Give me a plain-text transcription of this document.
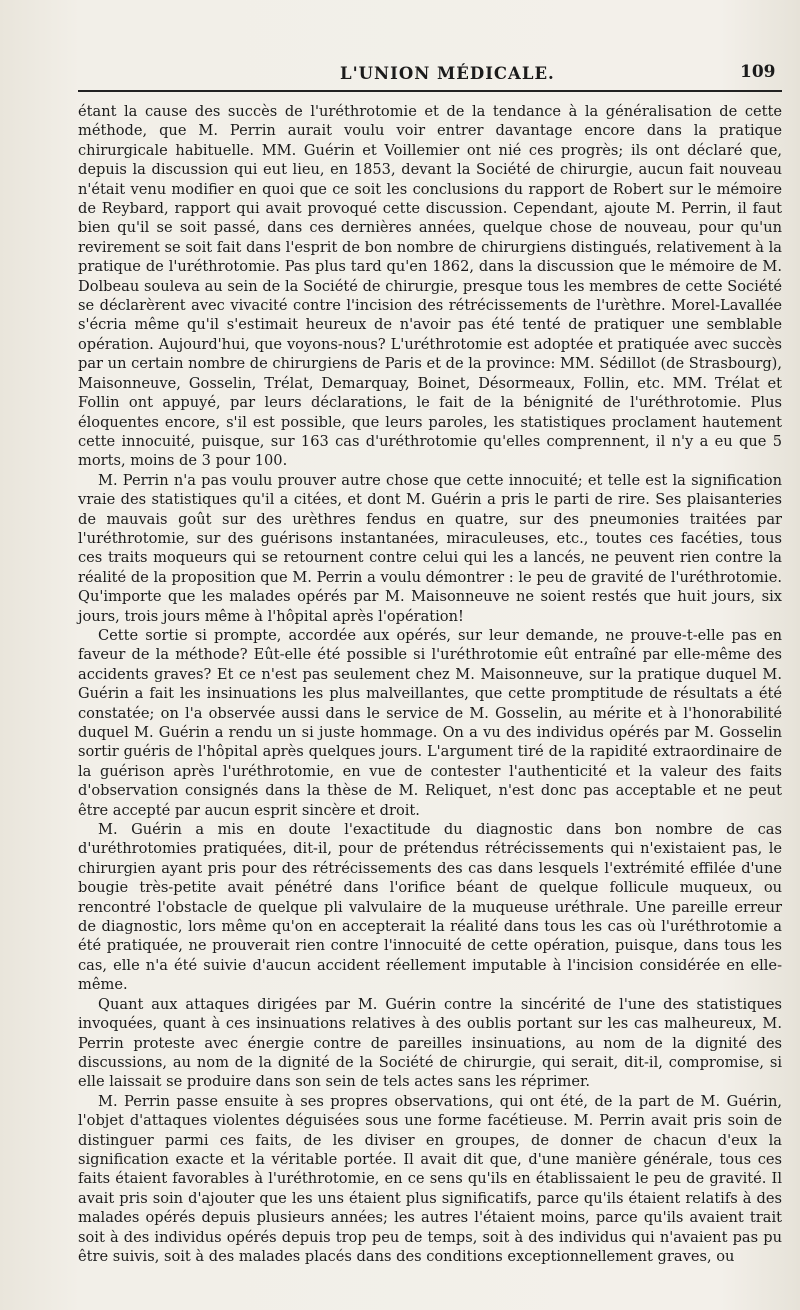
L'UNION MÉDICALE.	109

étant la cause des succès de l'uréthrotomie et de la tendance à la généralisation de cette méthode, que M. Perrin aurait voulu voir entrer davantage encore dans la pratique chirurgicale habituelle. MM. Guérin et Voillemier ont nié ces progrès; ils ont déclaré que, depuis la discussion qui eut lieu, en 1853, devant la Société de chirurgie, aucun fait nouveau n'était venu modifier en quoi que ce soit les conclusions du rapport de Robert sur le mémoire de Reybard, rapport qui avait provoqué cette discussion. Cependant, ajoute M. Perrin, il faut bien qu'il se soit passé, dans ces dernières années, quelque chose de nouveau, pour qu'un revirement se soit fait dans l'esprit de bon nombre de chirurgiens distingués, relativement à la pratique de l'uréthrotomie. Pas plus tard qu'en 1862, dans la discussion que le mémoire de M. Dolbeau souleva au sein de la Société de chirurgie, presque tous les membres de cette Société se déclarèrent avec vivacité contre l'incision des rétrécissements de l'urèthre. Morel-Lavallée s'écria même qu'il s'estimait heureux de n'avoir pas été tenté de pratiquer une semblable opération. Aujourd'hui, que voyons-nous? L'uréthrotomie est adoptée et pratiquée avec succès par un certain nombre de chirurgiens de Paris et de la province: MM. Sédillot (de Strasbourg), Maisonneuve, Gosselin, Trélat, Demarquay, Boinet, Désormeaux, Follin, etc. MM. Trélat et Follin ont appuyé, par leurs déclarations, le fait de la bénignité de l'uréthrotomie. Plus éloquentes encore, s'il est possible, que leurs paroles, les statistiques proclament hautement cette innocuité, puisque, sur 163 cas d'uréthrotomie qu'elles comprennent, il n'y a eu que 5 morts, moins de 3 pour 100.

M. Perrin n'a pas voulu prouver autre chose que cette innocuité; et telle est la signification vraie des statistiques qu'il a citées, et dont M. Guérin a pris le parti de rire. Ses plaisanteries de mauvais goût sur des urèthres fendus en quatre, sur des pneumonies traitées par l'uréthrotomie, sur des guérisons instantanées, miraculeuses, etc., toutes ces facéties, tous ces traits moqueurs qui se retournent contre celui qui les a lancés, ne peuvent rien contre la réalité de la proposition que M. Perrin a voulu démontrer : le peu de gravité de l'uréthrotomie. Qu'importe que les malades opérés par M. Maisonneuve ne soient restés que huit jours, six jours, trois jours même à l'hôpital après l'opération!

Cette sortie si prompte, accordée aux opérés, sur leur demande, ne prouve-t-elle pas en faveur de la méthode? Eût-elle été possible si l'uréthrotomie eût entraîné par elle-même des accidents graves? Et ce n'est pas seulement chez M. Maisonneuve, sur la pratique duquel M. Guérin a fait les insinuations les plus malveillantes, que cette promptitude de résultats a été constatée; on l'a observée aussi dans le service de M. Gosselin, au mérite et à l'honorabilité duquel M. Guérin a rendu un si juste hommage. On a vu des individus opérés par M. Gosselin sortir guéris de l'hôpital après quelques jours. L'argument tiré de la rapidité extraordinaire de la guérison après l'uréthrotomie, en vue de contester l'authenticité et la valeur des faits d'observation consignés dans la thèse de M. Reliquet, n'est donc pas acceptable et ne peut être accepté par aucun esprit sincère et droit.

M. Guérin a mis en doute l'exactitude du diagnostic dans bon nombre de cas d'uréthrotomies pratiquées, dit-il, pour de prétendus rétrécissements qui n'existaient pas, le chirurgien ayant pris pour des rétrécissements des cas dans lesquels l'extrémité effilée d'une bougie très-petite avait pénétré dans l'orifice béant de quelque follicule muqueux, ou rencontré l'obstacle de quelque pli valvulaire de la muqueuse uréthrale. Une pareille erreur de diagnostic, lors même qu'on en accepterait la réalité dans tous les cas où l'uréthrotomie a été pratiquée, ne prouverait rien contre l'innocuité de cette opération, puisque, dans tous les cas, elle n'a été suivie d'aucun accident réellement imputable à l'incision considérée en elle-même.

Quant aux attaques dirigées par M. Guérin contre la sincérité de l'une des statistiques invoquées, quant à ces insinuations relatives à des oublis portant sur les cas malheureux, M. Perrin proteste avec énergie contre de pareilles insinuations, au nom de la dignité des discussions, au nom de la dignité de la Société de chirurgie, qui serait, dit-il, compromise, si elle laissait se produire dans son sein de tels actes sans les réprimer.

M. Perrin passe ensuite à ses propres observations, qui ont été, de la part de M. Guérin, l'objet d'attaques violentes déguisées sous une forme facétieuse. M. Perrin avait pris soin de distinguer parmi ces faits, de les diviser en groupes, de donner de chacun d'eux la signification exacte et la véritable portée. Il avait dit que, d'une manière générale, tous ces faits étaient favorables à l'uréthrotomie, en ce sens qu'ils en établissaient le peu de gravité. Il avait pris soin d'ajouter que les uns étaient plus significatifs, parce qu'ils étaient relatifs à des malades opérés depuis plusieurs années; les autres l'étaient moins, parce qu'ils avaient trait soit à des individus opérés depuis trop peu de temps, soit à des individus qui n'avaient pas pu être suivis, soit à des malades placés dans des conditions exceptionnellement graves, ou
